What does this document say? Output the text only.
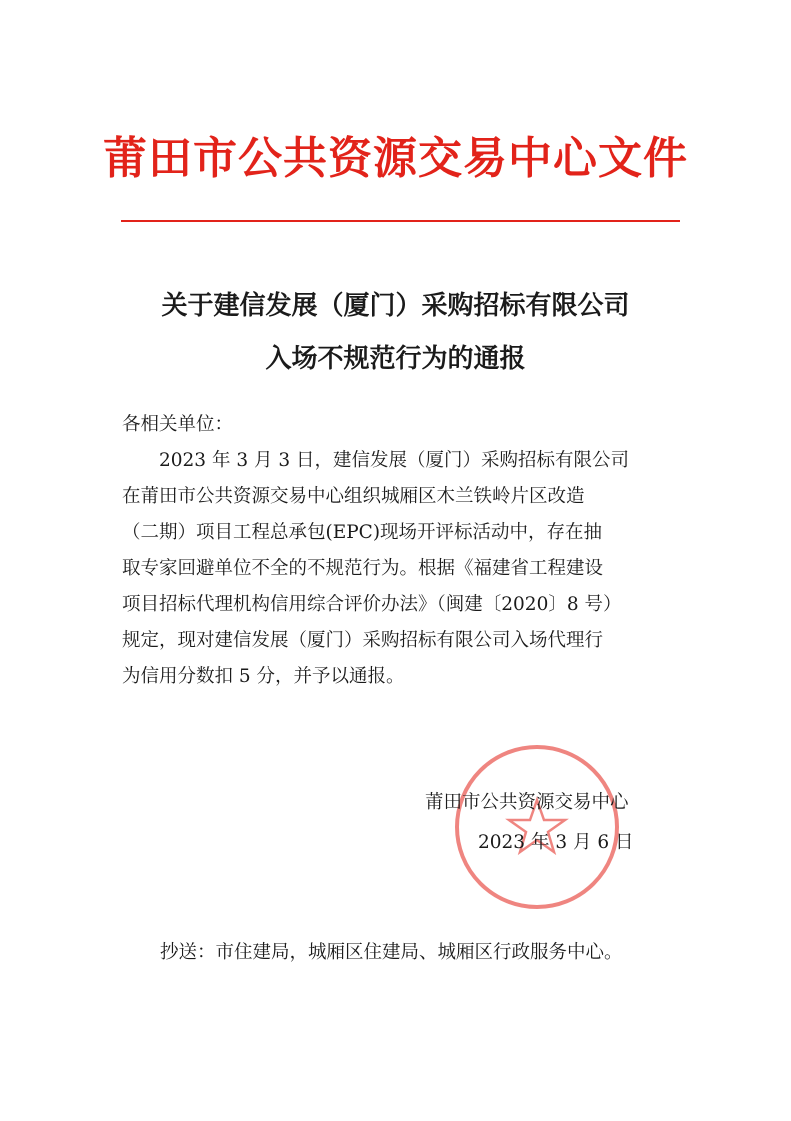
莆田市公共资源交易中心文件
关于建信发展（厦门）采购招标有限公司
入场不规范行为的通报
各相关单位：
2023 年 3 月 3 日，建信发展（厦门）采购招标有限公司
在莆田市公共资源交易中心组织城厢区木兰铁岭片区改造
（二期）项目工程总承包(EPC)现场开评标活动中，存在抽
取专家回避单位不全的不规范行为。根据《福建省工程建设
项目招标代理机构信用综合评价办法》（闽建〔2020〕8 号）
规定，现对建信发展（厦门）采购招标有限公司入场代理行
为信用分数扣 5 分，并予以通报。
莆田市公共资源交易中心
2023 年 3 月 6 日
抄送：市住建局，城厢区住建局、城厢区行政服务中心。
